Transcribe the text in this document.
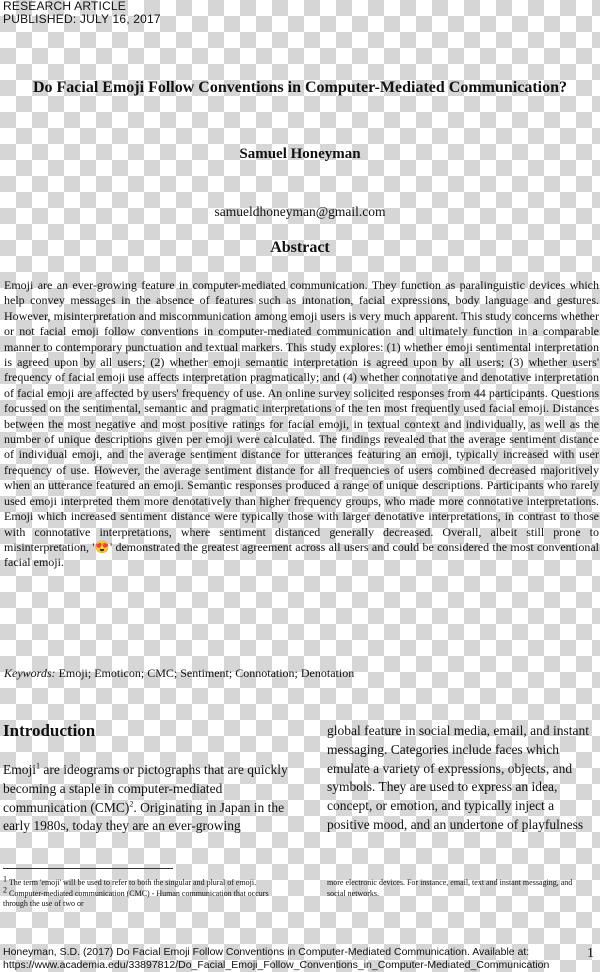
RESEARCH ARTICLE
PUBLISHED: JULY 16, 2017
Do Facial Emoji Follow Conventions in Computer-Mediated Communication?
Samuel Honeyman
samueldhoneyman@gmail.com
Abstract
Emoji are an ever-growing feature in computer-mediated communication. They function as paralinguistic devices which help convey messages in the absence of features such as intonation, facial expressions, body language and gestures. However, misinterpretation and miscommunication among emoji users is very much apparent. This study concerns whether or not facial emoji follow conventions in computer-mediated communication and ultimately function in a comparable manner to contemporary punctuation and textual markers. This study explores: (1) whether emoji sentimental interpretation is agreed upon by all users; (2) whether emoji semantic interpretation is agreed upon by all users; (3) whether users' frequency of facial emoji use affects interpretation pragmatically; and (4) whether connotative and denotative interpretation of facial emoji are affected by users' frequency of use. An online survey solicited responses from 44 participants. Questions focussed on the sentimental, semantic and pragmatic interpretations of the ten most frequently used facial emoji. Distances between the most negative and most positive ratings for facial emoji, in textual context and individually, as well as the number of unique descriptions given per emoji were calculated. The findings revealed that the average sentiment distance of individual emoji, and the average sentiment distance for utterances featuring an emoji, typically increased with user frequency of use. However, the average sentiment distance for all frequencies of users combined decreased majoritively when an utterance featured an emoji. Semantic responses produced a range of unique descriptions. Participants who rarely used emoji interpreted them more denotatively than higher frequency groups, who made more connotative interpretations. Emoji which increased sentiment distance were typically those with larger denotative interpretations, in contrast to those with connotative interpretations, where sentiment distanced generally decreased. Overall, albeit still prone to misinterpretation, '😍' demonstrated the greatest agreement across all users and could be considered the most conventional facial emoji.
Keywords: Emoji; Emoticon; CMC; Sentiment; Connotation; Denotation
Introduction
Emoji$^1$ are ideograms or pictographs that are quickly becoming a staple in computer-mediated communication (CMC)$^2$. Originating in Japan in the early 1980s, today they are an ever-growing
global feature in social media, email, and instant messaging. Categories include faces which emulate a variety of expressions, objects, and symbols. They are used to express an idea, concept, or emotion, and typically inject a positive mood, and an undertone of playfulness
$^1$ The term 'emoji' will be used to refer to both the singular and plural of emoji.
$^2$ Computer-mediated communication (CMC) - Human communication that occurs through the use of two or
more electronic devices. For instance, email, text and instant messaging, and social networks.
Honeyman, S.D. (2017) Do Facial Emoji Follow Conventions in Computer-Mediated Communication. Available at: https://www.academia.edu/33897812/Do_Facial_Emoji_Follow_Conventions_in_Computer-Mediated_Communication
1
